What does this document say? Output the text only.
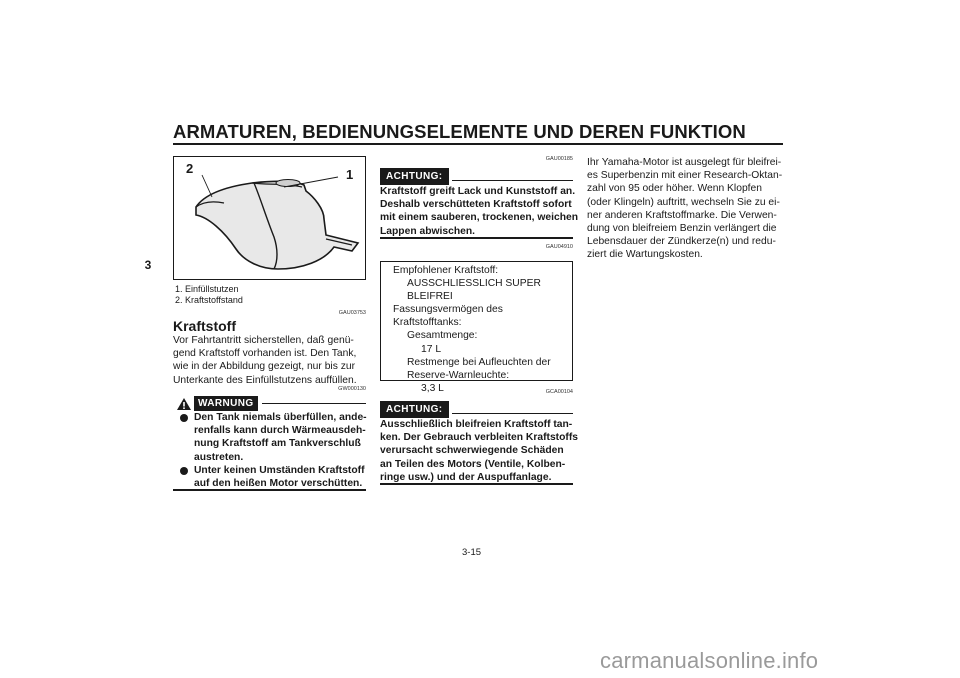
ARMATUREN, BEDIENUNGSELEMENTE UND DEREN FUNKTION
3
2	1
1. Einfüllstutzen
2. Kraftstoffstand
GAU03753
Kraftstoff
Vor Fahrtantritt sicherstellen, daß genü-
gend Kraftstoff vorhanden ist. Den Tank,
wie in der Abbildung gezeigt, nur bis zur
Unterkante des Einfüllstutzens auffüllen.
GW000130
WARNUNG
Den Tank niemals überfüllen, ande-
renfalls kann durch Wärmeausdeh-
nung Kraftstoff am Tankverschluß
austreten.
Unter keinen Umständen Kraftstoff
auf den heißen Motor verschütten.
GAU00185
ACHTUNG:
Kraftstoff greift Lack und Kunststoff an.
Deshalb verschütteten Kraftstoff sofort
mit einem sauberen, trockenen, weichen
Lappen abwischen.
GAU04910
Empfohlener Kraftstoff:
AUSSCHLIESSLICH SUPER
BLEIFREI
Fassungsvermögen des Kraftstofftanks:
Gesamtmenge:
17 L
Restmenge bei Aufleuchten der
Reserve-Warnleuchte:
3,3 L	GCA00104
ACHTUNG:
Ausschließlich bleifreien Kraftstoff tan-
ken. Der Gebrauch verbleiten Kraftstoffs
verursacht schwerwiegende Schäden
an Teilen des Motors (Ventile, Kolben-
ringe usw.) und der Auspuffanlage.
Ihr Yamaha-Motor ist ausgelegt für bleifrei-
es Superbenzin mit einer Research-Oktan-
zahl von 95 oder höher. Wenn Klopfen
(oder Klingeln) auftritt, wechseln Sie zu ei-
ner anderen Kraftstoffmarke. Die Verwen-
dung von bleifreiem Benzin verlängert die
Lebensdauer der Zündkerze(n) und redu-
ziert die Wartungskosten.
3-15
carmanualsonline.info
